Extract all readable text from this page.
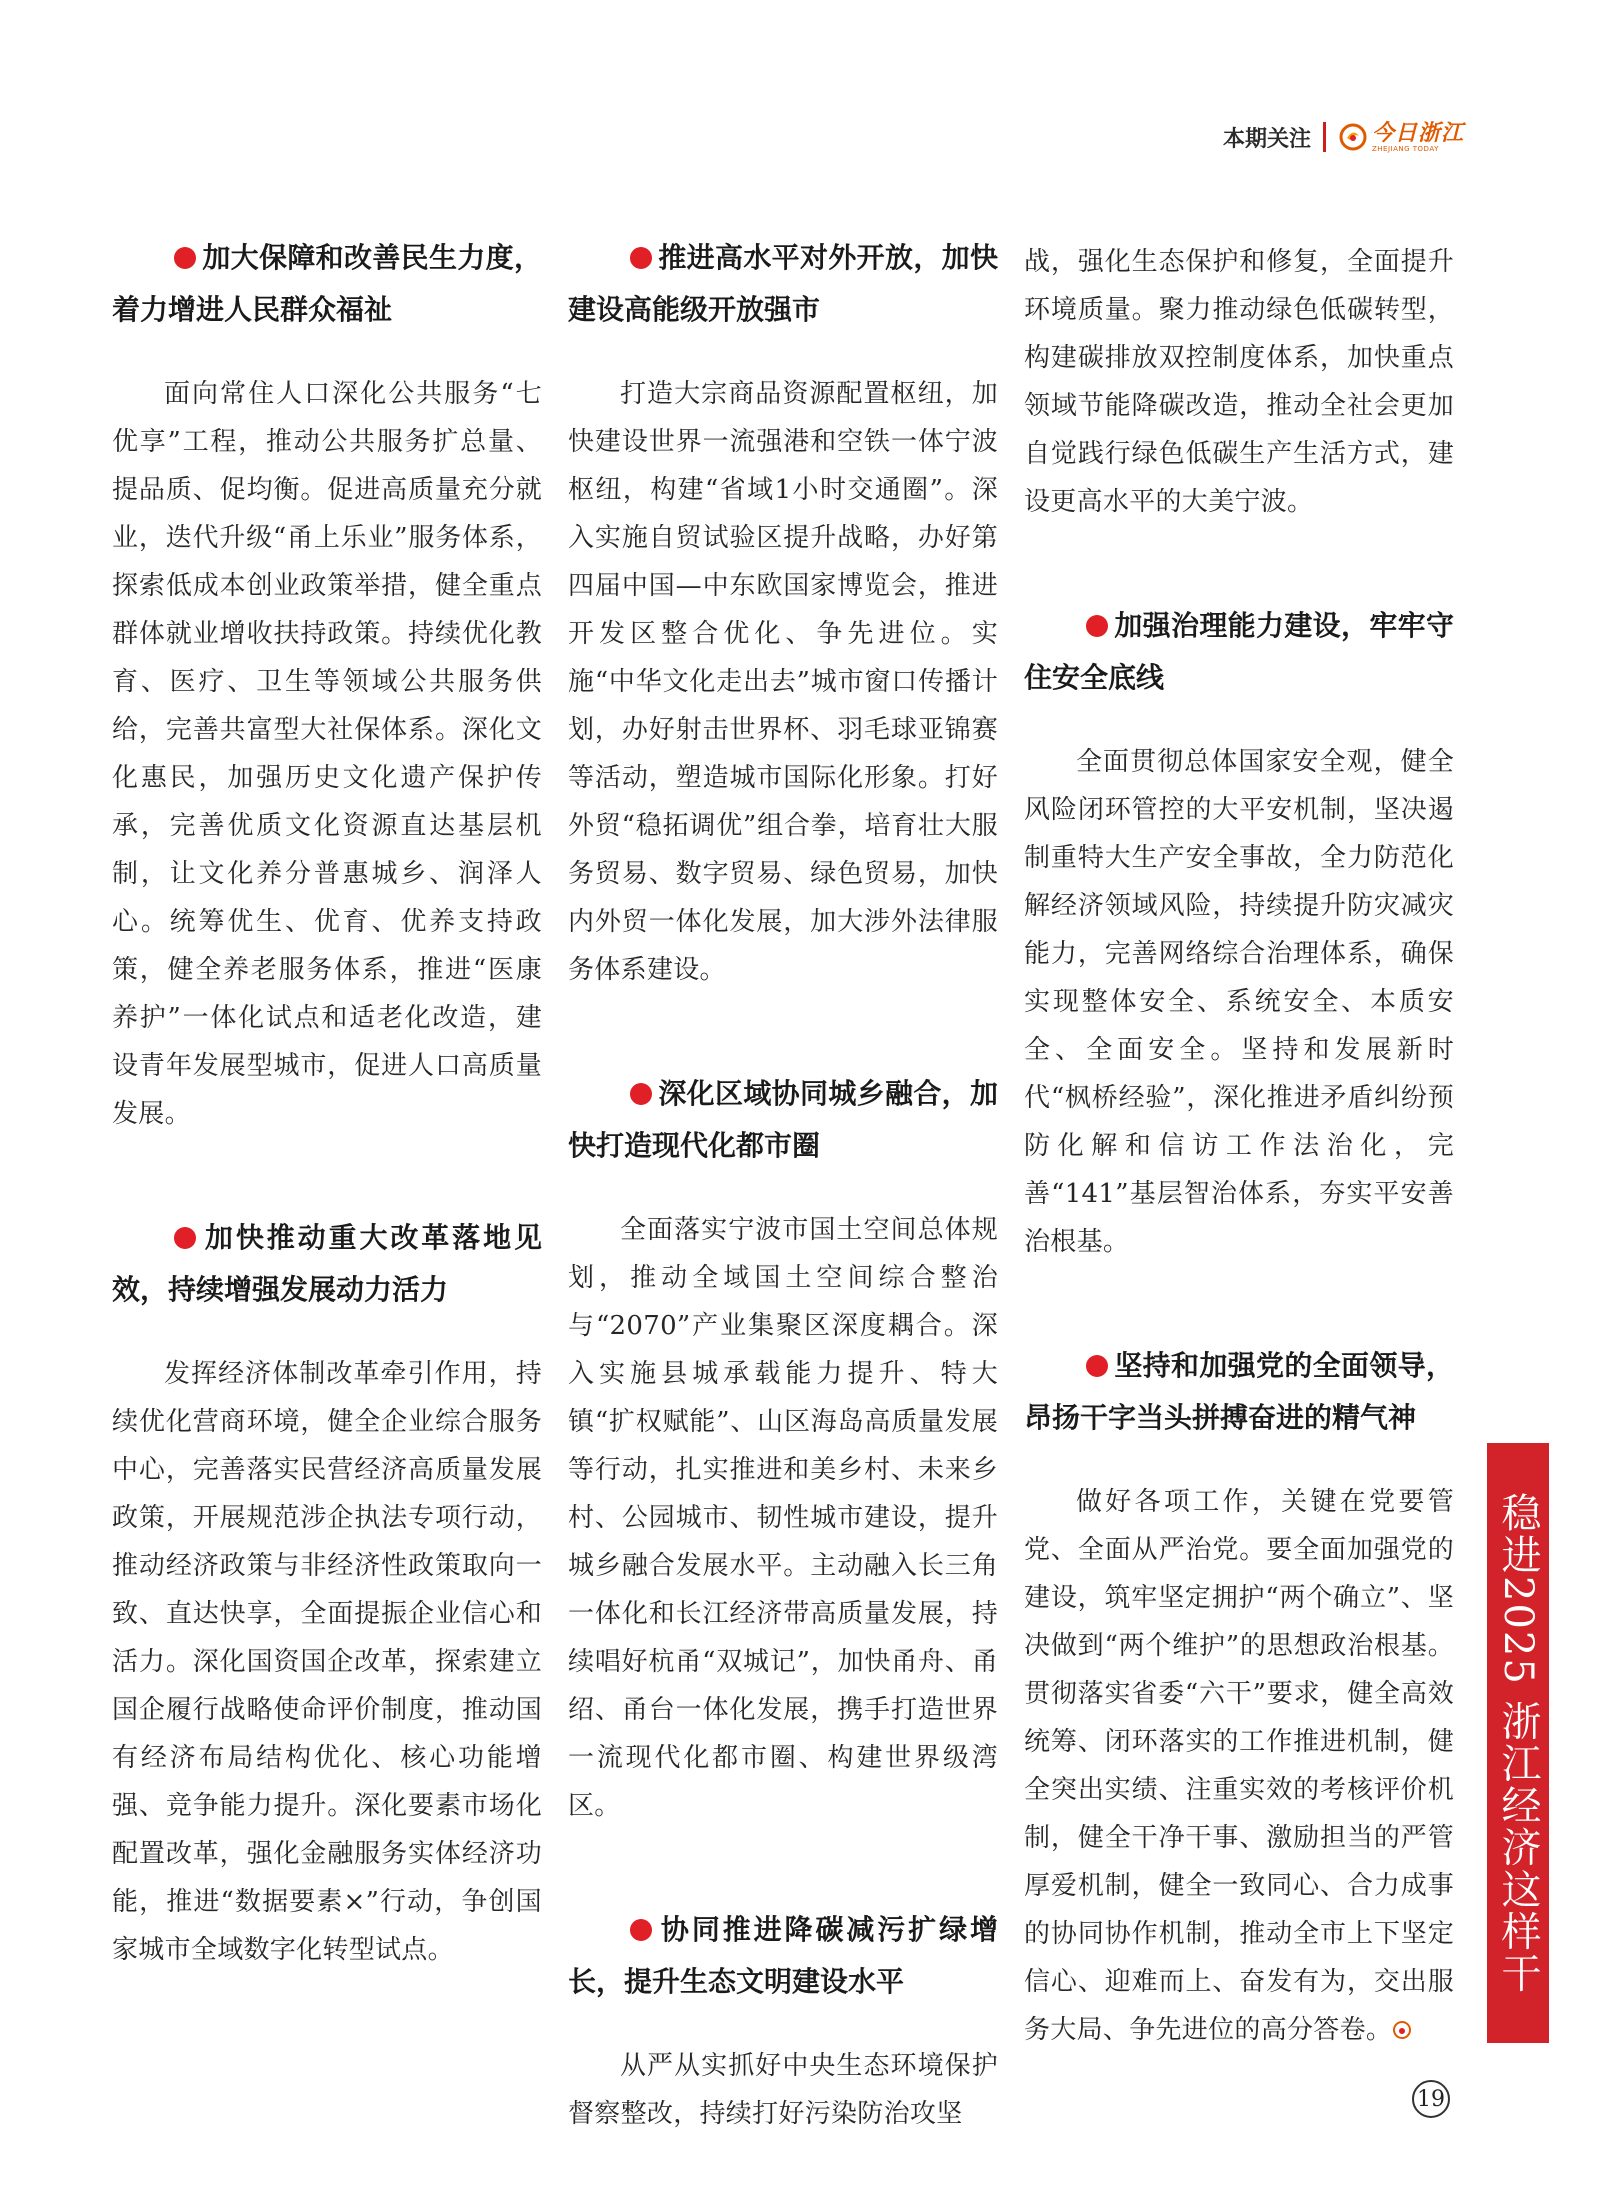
本期关注	今日浙江
ZHEJIANG TODAY
加大保障和改善民生力度，着力增进人民群众福祉

面向常住人口深化公共服务“七优享”工程，推动公共服务扩总量、提品质、促均衡。促进高质量充分就业，迭代升级“甬上乐业”服务体系，探索低成本创业政策举措，健全重点群体就业增收扶持政策。持续优化教育、医疗、卫生等领域公共服务供给，完善共富型大社保体系。深化文化惠民，加强历史文化遗产保护传承，完善优质文化资源直达基层机制，让文化养分普惠城乡、润泽人心。统筹优生、优育、优养支持政策，健全养老服务体系，推进“医康养护”一体化试点和适老化改造，建设青年发展型城市，促进人口高质量发展。

加快推动重大改革落地见效，持续增强发展动力活力

发挥经济体制改革牵引作用，持续优化营商环境，健全企业综合服务中心，完善落实民营经济高质量发展政策，开展规范涉企执法专项行动，推动经济政策与非经济性政策取向一致、直达快享，全面提振企业信心和活力。深化国资国企改革，探索建立国企履行战略使命评价制度，推动国有经济布局结构优化、核心功能增强、竞争能力提升。深化要素市场化配置改革，强化金融服务实体经济功能，推进“数据要素×”行动，争创国家城市全域数字化转型试点。

推进高水平对外开放，加快建设高能级开放强市

打造大宗商品资源配置枢纽，加快建设世界一流强港和空铁一体宁波枢纽，构建“省域1小时交通圈”。深入实施自贸试验区提升战略，办好第四届中国—中东欧国家博览会，推进开发区整合优化、争先进位。实施“中华文化走出去”城市窗口传播计划，办好射击世界杯、羽毛球亚锦赛等活动，塑造城市国际化形象。打好外贸“稳拓调优”组合拳，培育壮大服务贸易、数字贸易、绿色贸易，加快内外贸一体化发展，加大涉外法律服务体系建设。

深化区域协同城乡融合，加快打造现代化都市圈

全面落实宁波市国土空间总体规划，推动全域国土空间综合整治与“2070”产业集聚区深度耦合。深入实施县城承载能力提升、特大镇“扩权赋能”、山区海岛高质量发展等行动，扎实推进和美乡村、未来乡村、公园城市、韧性城市建设，提升城乡融合发展水平。主动融入长三角一体化和长江经济带高质量发展，持续唱好杭甬“双城记”，加快甬舟、甬绍、甬台一体化发展，携手打造世界一流现代化都市圈、构建世界级湾区。

协同推进降碳减污扩绿增长，提升生态文明建设水平

从严从实抓好中央生态环境保护督察整改，持续打好污染防治攻坚

战，强化生态保护和修复，全面提升环境质量。聚力推动绿色低碳转型，构建碳排放双控制度体系，加快重点领域节能降碳改造，推动全社会更加自觉践行绿色低碳生产生活方式，建设更高水平的大美宁波。

加强治理能力建设，牢牢守住安全底线

全面贯彻总体国家安全观，健全风险闭环管控的大平安机制，坚决遏制重特大生产安全事故，全力防范化解经济领域风险，持续提升防灾减灾能力，完善网络综合治理体系，确保实现整体安全、系统安全、本质安全、全面安全。坚持和发展新时代“枫桥经验”，深化推进矛盾纠纷预防化解和信访工作法治化，完善“141”基层智治体系，夯实平安善治根基。

坚持和加强党的全面领导，昂扬干字当头拼搏奋进的精气神

做好各项工作，关键在党要管党、全面从严治党。要全面加强党的建设，筑牢坚定拥护“两个确立”、坚决做到“两个维护”的思想政治根基。贯彻落实省委“六干”要求，健全高效统筹、闭环落实的工作推进机制，健全突出实绩、注重实效的考核评价机制，健全干净干事、激励担当的严管厚爱机制，健全一致同心、合力成事的协同协作机制，推动全市上下坚定信心、迎难而上、奋发有为，交出服务大局、争先进位的高分答卷。

稳进2025 浙江经济这样干
19
